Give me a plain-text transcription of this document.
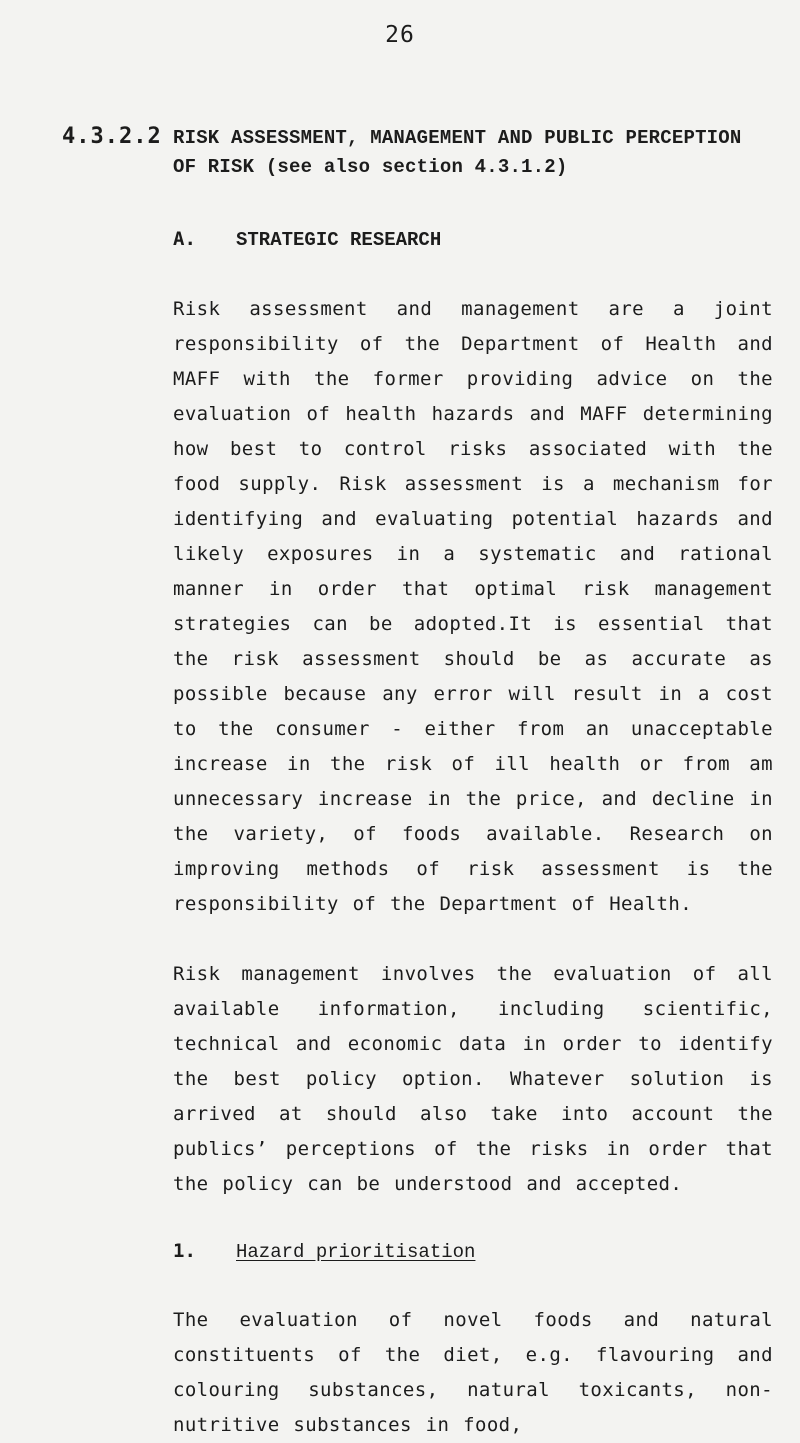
26
4.3.2.2 RISK ASSESSMENT, MANAGEMENT AND PUBLIC PERCEPTION OF RISK (see also section 4.3.1.2)
A.	STRATEGIC RESEARCH

Risk assessment and management are a joint responsibility of the Department of Health and MAFF with the former providing advice on the evaluation of health hazards and MAFF determining how best to control risks associated with the food supply. Risk assessment is a mechanism for identifying and evaluating potential hazards and likely exposures in a systematic and rational manner in order that optimal risk management strategies can be adopted.It is essential that the risk assessment should be as accurate as possible because any error will result in a cost to the consumer - either from an unacceptable increase in the risk of ill health or from am unnecessary increase in the price, and decline in the variety, of foods available. Research on improving methods of risk assessment is the responsibility of the Department of Health.

Risk management involves the evaluation of all available information, including scientific, technical and economic data in order to identify the best policy option. Whatever solution is arrived at should also take into account the publics’ perceptions of the risks in order that the policy can be understood and accepted.

1.	Hazard prioritisation

The evaluation of novel foods and natural constituents of the diet, e.g. flavouring and colouring substances, natural toxicants, non-nutritive substances in food,
